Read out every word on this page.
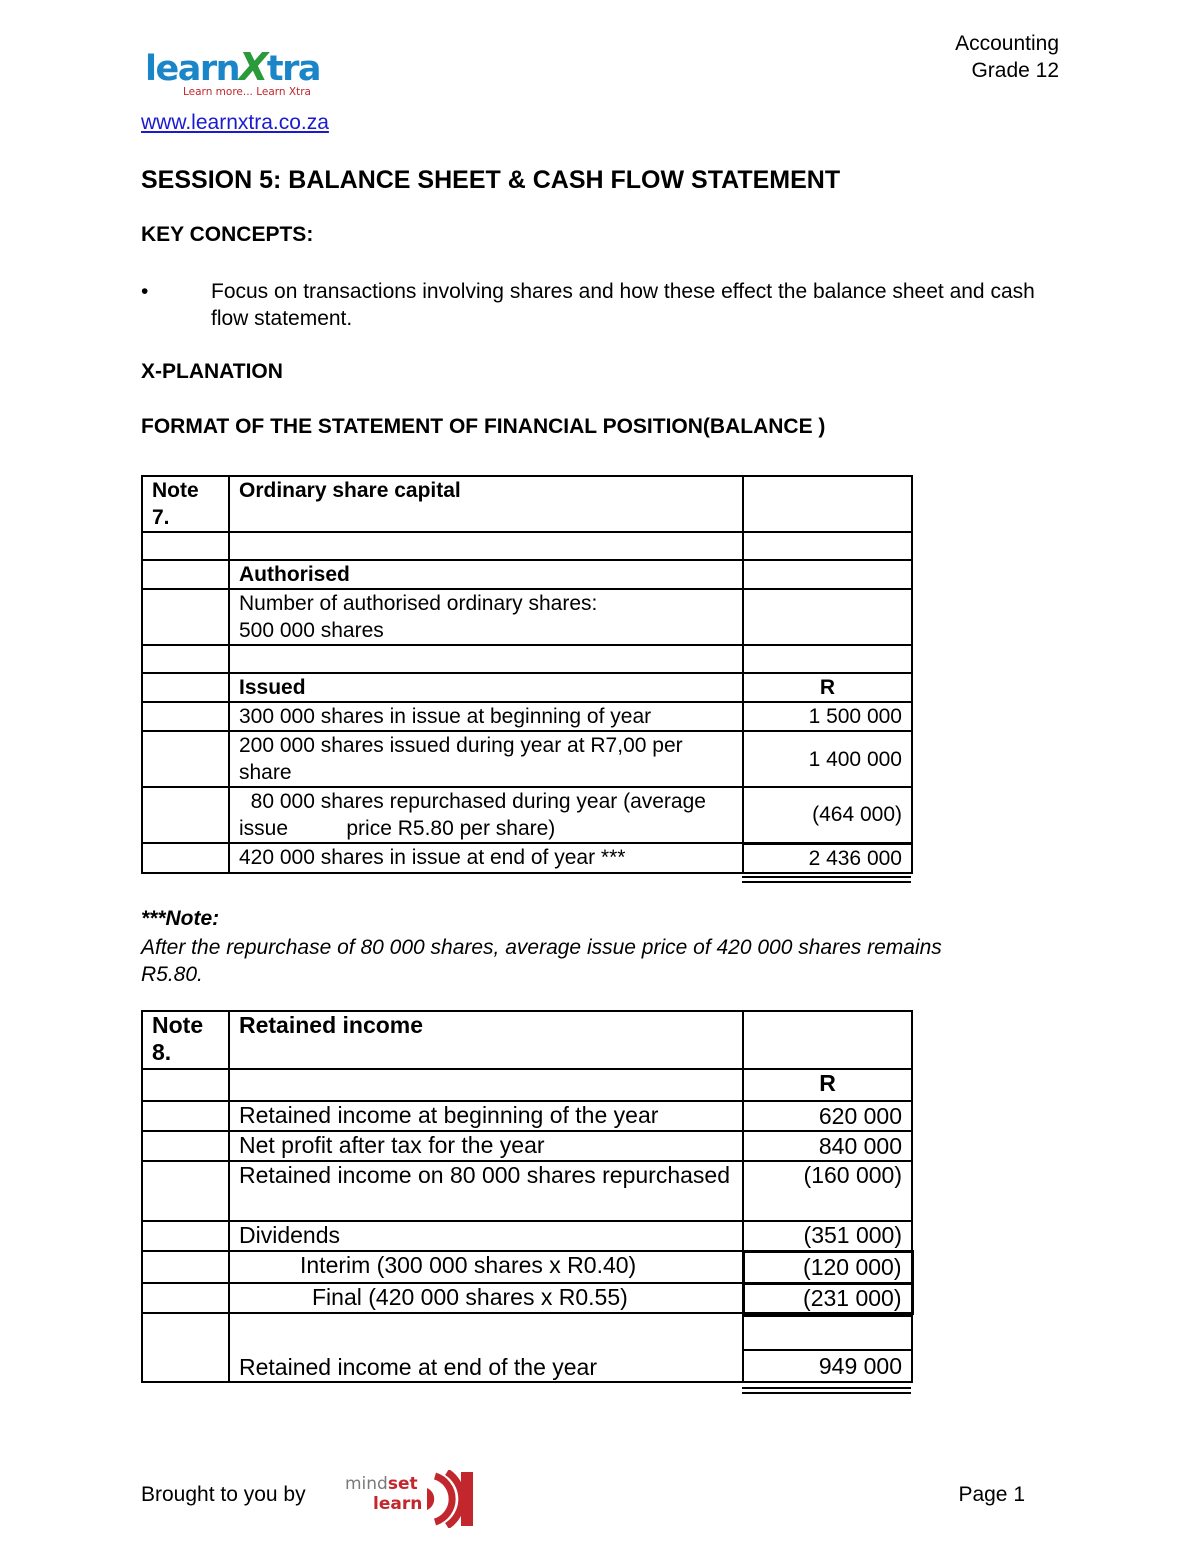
learnXtra
Learn more... Learn Xtra
Accounting
Grade 12
www.learnxtra.co.za
SESSION 5: BALANCE SHEET & CASH FLOW STATEMENT
KEY CONCEPTS:
•	Focus on transactions involving shares and how these effect the balance sheet and cash flow statement.
X-PLANATION
FORMAT OF THE STATEMENT OF FINANCIAL POSITION(BALANCE )
Note 7.	Ordinary share capital	

	Authorised	

	Number of authorised ordinary shares:
500 000 shares	

	Issued	R
	300 000 shares in issue at beginning of year	1 500 000
	200 000 shares issued during year at R7,00 per share	1 400 000
	80 000 shares repurchased during year (average issue          price R5.80 per share)	(464 000)
	420 000 shares in issue at end of year ***	2 436 000
***Note:
After the repurchase of 80 000 shares, average issue price of 420 000 shares remains R5.80.
Note 8.	Retained income	
		R
	Retained income at beginning of the year	620 000
	Net profit after tax for the year	840 000
	Retained income on 80 000 shares repurchased	(160 000)
	Dividends	(351 000)
	Interim (300 000 shares x R0.40)	(120 000)
	Final (420 000 shares x R0.55)	(231 000)
	Retained income at end of the year	949 000
Brought to you by mindset
learn	Page 1
